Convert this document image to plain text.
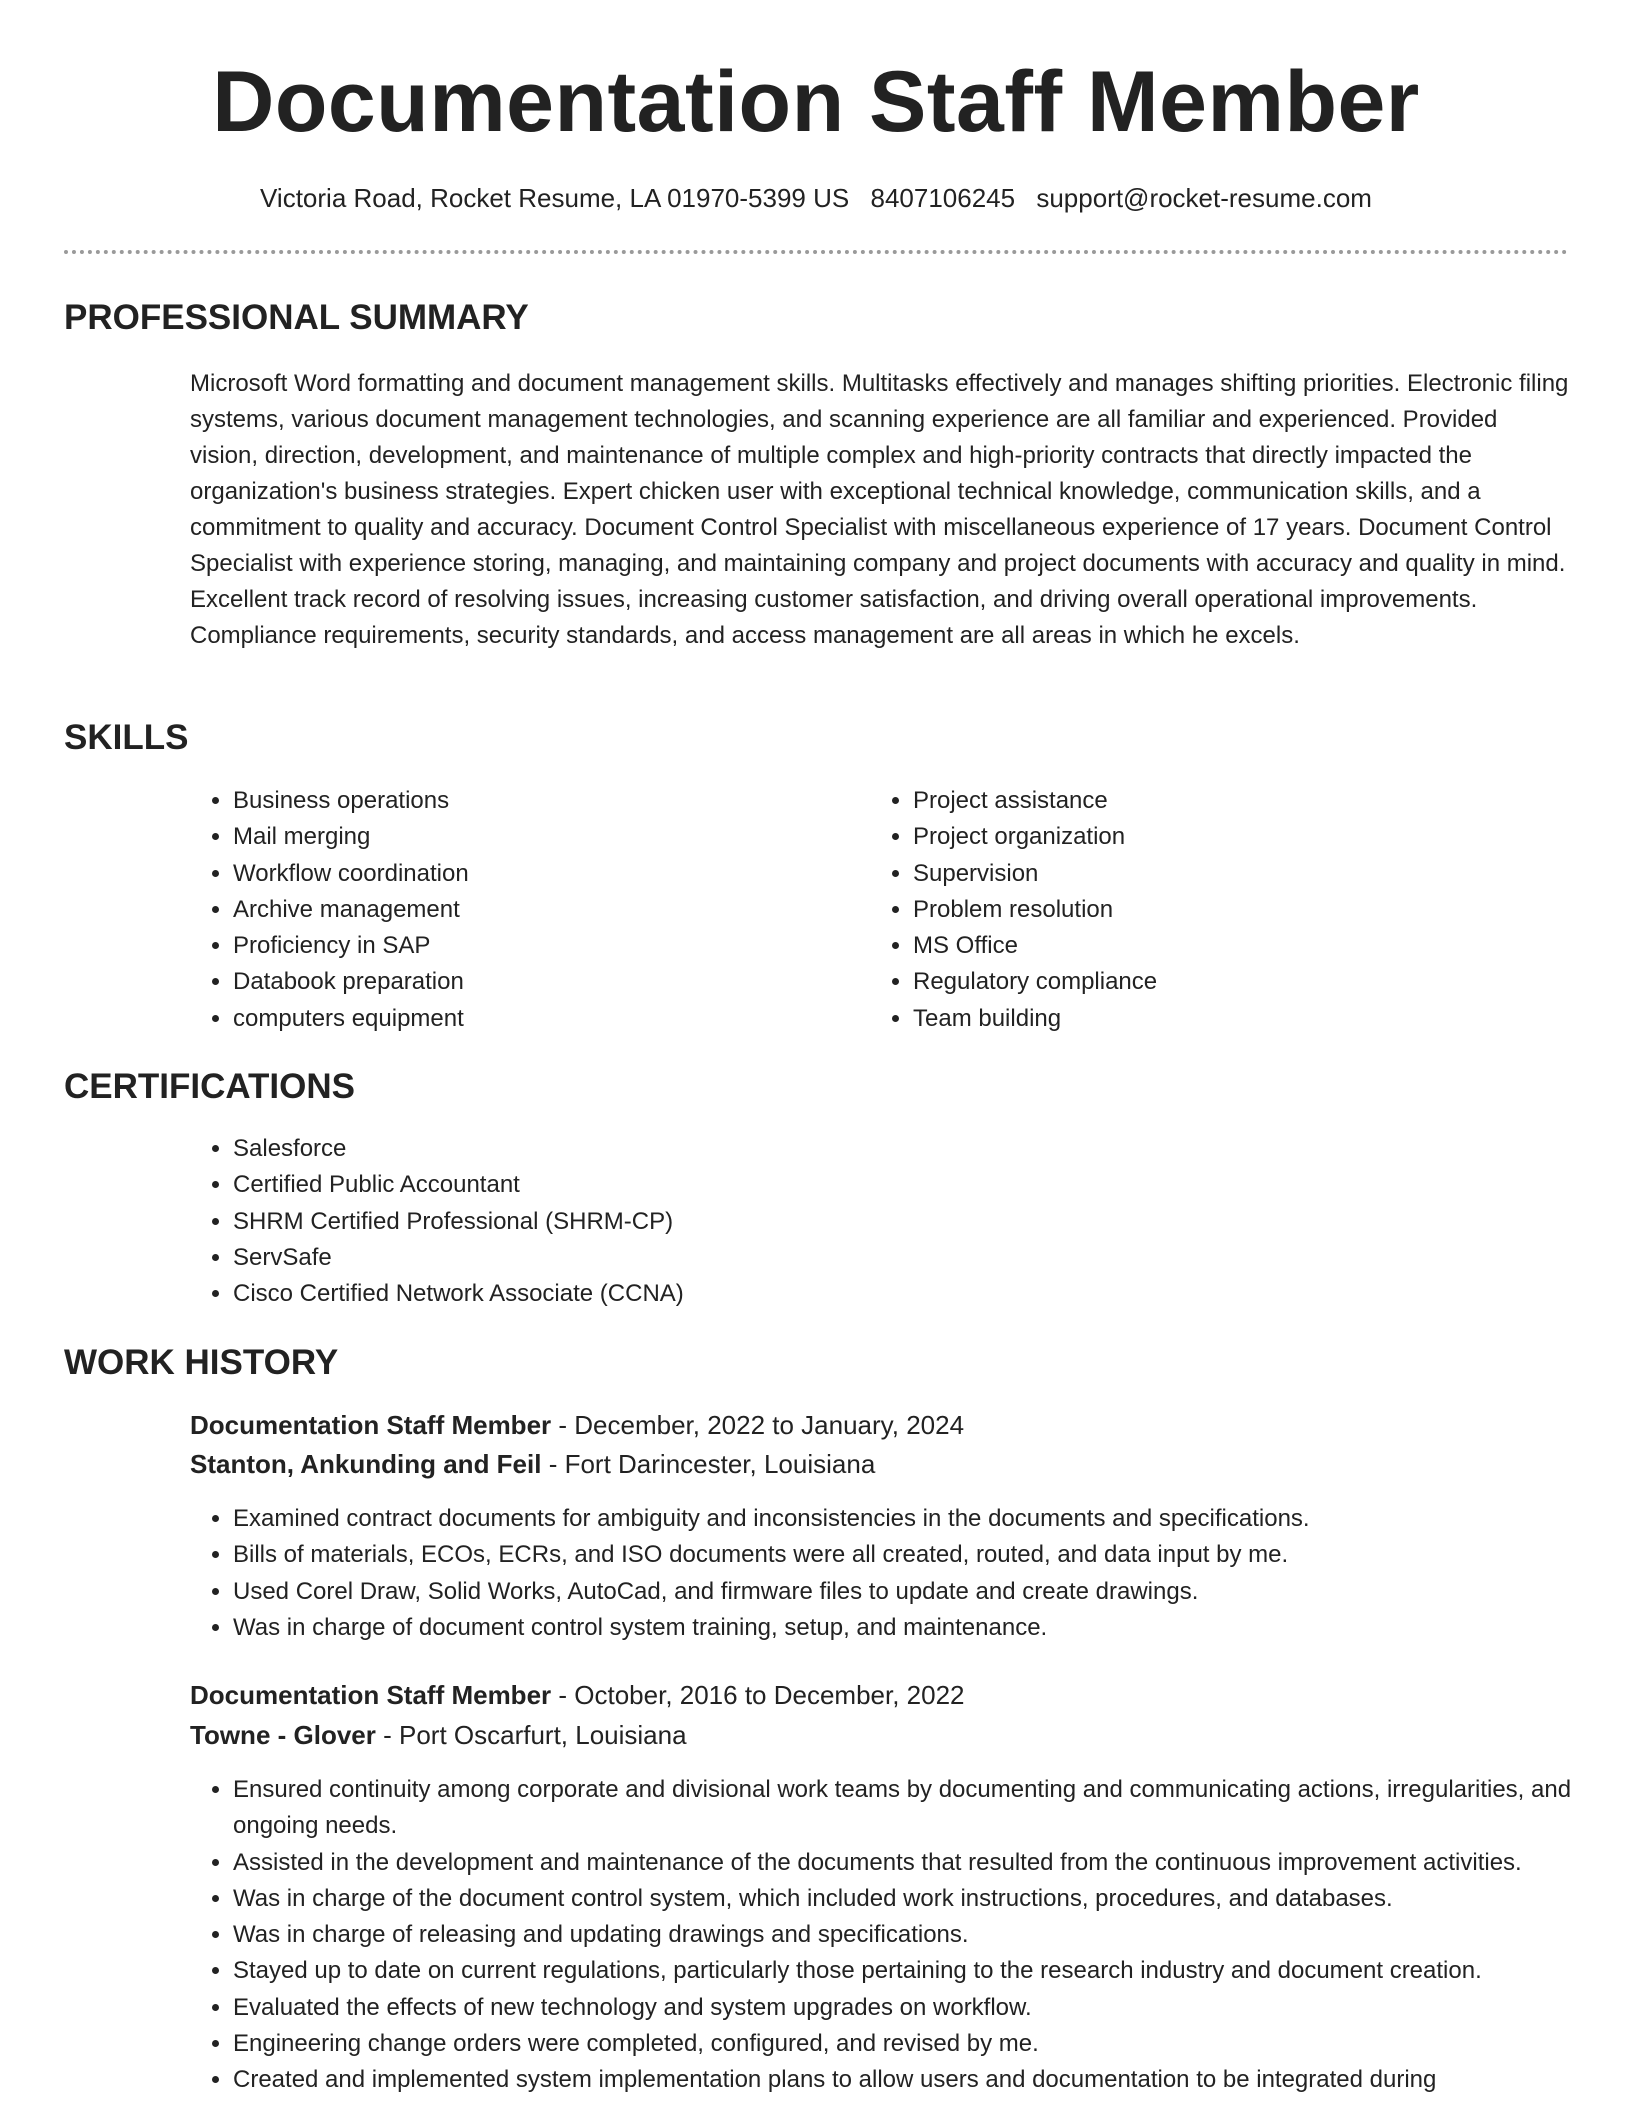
Documentation Staff Member
Victoria Road, Rocket Resume, LA 01970-5399 US 8407106245 support@rocket-resume.com
PROFESSIONAL SUMMARY

Microsoft Word formatting and document management skills. Multitasks effectively and manages shifting priorities. Electronic filing systems, various document management technologies, and scanning experience are all familiar and experienced. Provided vision, direction, development, and maintenance of multiple complex and high-priority contracts that directly impacted the organization's business strategies. Expert chicken user with exceptional technical knowledge, communication skills, and a commitment to quality and accuracy. Document Control Specialist with miscellaneous experience of 17 years. Document Control Specialist with experience storing, managing, and maintaining company and project documents with accuracy and quality in mind. Excellent track record of resolving issues, increasing customer satisfaction, and driving overall operational improvements. Compliance requirements, security standards, and access management are all areas in which he excels.

SKILLS
• Business operations
• Mail merging
• Workflow coordination
• Archive management
• Proficiency in SAP
• Databook preparation
• computers equipment
• Project assistance
• Project organization
• Supervision
• Problem resolution
• MS Office
• Regulatory compliance
• Team building
CERTIFICATIONS
• Salesforce
• Certified Public Accountant
• SHRM Certified Professional (SHRM-CP)
• ServSafe
• Cisco Certified Network Associate (CCNA)
WORK HISTORY
Documentation Staff Member - December, 2022 to January, 2024
Stanton, Ankunding and Feil - Fort Darincester, Louisiana
• Examined contract documents for ambiguity and inconsistencies in the documents and specifications.
• Bills of materials, ECOs, ECRs, and ISO documents were all created, routed, and data input by me.
• Used Corel Draw, Solid Works, AutoCad, and firmware files to update and create drawings.
• Was in charge of document control system training, setup, and maintenance.
Documentation Staff Member - October, 2016 to December, 2022
Towne - Glover - Port Oscarfurt, Louisiana
• Ensured continuity among corporate and divisional work teams by documenting and communicating actions, irregularities, and ongoing needs.
• Assisted in the development and maintenance of the documents that resulted from the continuous improvement activities.
• Was in charge of the document control system, which included work instructions, procedures, and databases.
• Was in charge of releasing and updating drawings and specifications.
• Stayed up to date on current regulations, particularly those pertaining to the research industry and document creation.
• Evaluated the effects of new technology and system upgrades on workflow.
• Engineering change orders were completed, configured, and revised by me.
• Created and implemented system implementation plans to allow users and documentation to be integrated during
